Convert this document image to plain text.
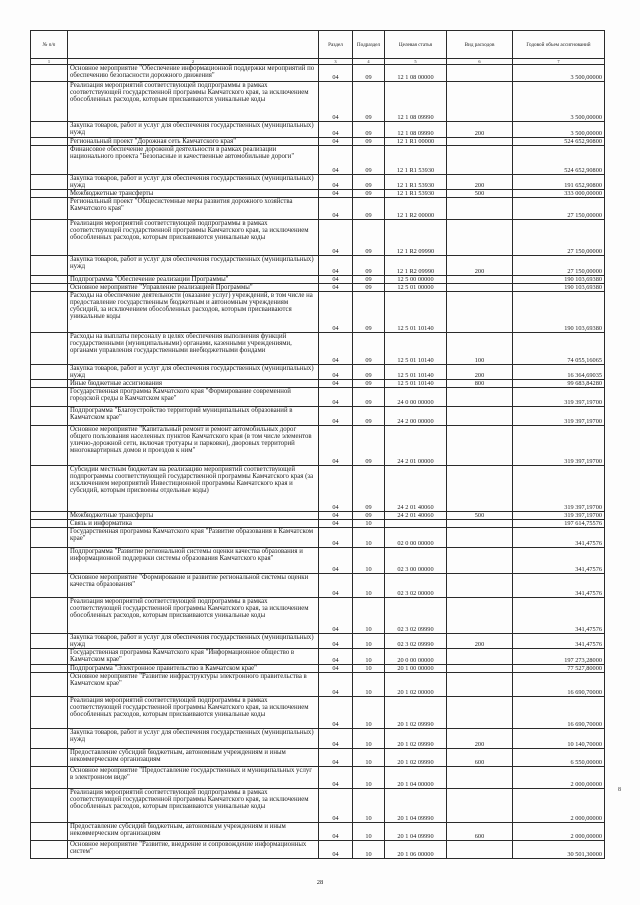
№ п/п		Раздел	Подраздел	Целевая статья	Вид расходов	Годовой объем ассигнований
1	2	3	4	5	6	7
	Основное мероприятие "Обеспечение информационной поддержки мероприятий по обеспечению безопасности дорожного движения"	04	09	12 1 08 00000		3 500,00000
	Реализация мероприятий соответствующей подпрограммы в рамках соответствующей государственной программы Камчатского края, за исключением обособленных расходов, которым присваиваются уникальные коды	04	09	12 1 08 09990		3 500,00000
	Закупка товаров, работ и услуг для обеспечения государственных (муниципальных) нужд	04	09	12 1 08 09990	200	3 500,00000
	Региональный проект "Дорожная сеть Камчатского края"	04	09	12 1 R1 00000		524 652,90800
	Финансовое обеспечение дорожной деятельности в рамках реализации национального проекта "Безопасные и качественные автомобильные дороги"	04	09	12 1 R1 53930		524 652,90800
	Закупка товаров, работ и услуг для обеспечения государственных (муниципальных) нужд	04	09	12 1 R1 53930	200	191 652,90800
	Межбюджетные трансферты	04	09	12 1 R1 53930	500	333 000,00000
	Региональный проект "Общесистемные меры развития дорожного хозяйства Камчатского края"	04	09	12 1 R2 00000		27 150,00000
	Реализация мероприятий соответствующей подпрограммы в рамках соответствующей государственной программы Камчатского края, за исключением обособленных расходов, которым присваиваются уникальные коды	04	09	12 1 R2 09990		27 150,00000
	Закупка товаров, работ и услуг для обеспечения государственных (муниципальных) нужд	04	09	12 1 R2 09990	200	27 150,00000
	Подпрограмма "Обеспечение реализации Программы"	04	09	12 5 00 00000		190 103,69380
	Основное мероприятие "Управление реализацией Программы"	04	09	12 5 01 00000		190 103,69380
	Расходы на обеспечение деятельности (оказание услуг) учреждений, в том числе на предоставление государственным бюджетным и автономным учреждениям субсидий, за исключением обособленных расходов, которым присваиваются уникальные коды	04	09	12 5 01 10140		190 103,69380
	Расходы на выплаты персоналу в целях обеспечения выполнения функций государственными (муниципальными) органами, казенными учреждениями, органами управления государственными внебюджетными фондами	04	09	12 5 01 10140	100	74 055,16065
	Закупка товаров, работ и услуг для обеспечения государственных (муниципальных) нужд	04	09	12 5 01 10140	200	16 364,69035
	Иные бюджетные ассигнования	04	09	12 5 01 10140	800	99 683,84280
	Государственная программа Камчатского края "Формирование современной городской среды в Камчатском крае"	04	09	24 0 00 00000		319 397,19700
	Подпрограмма "Благоустройство территорий муниципальных образований в Камчатском крае"	04	09	24 2 00 00000		319 397,19700
	Основное мероприятие "Капитальный ремонт и ремонт автомобильных дорог общего пользования населенных пунктов Камчатского края (в том числе элементов улично-дорожной сети, включая тротуары и парковки), дворовых территорий многоквартирных домов и проездов к ним"	04	09	24 2 01 00000		319 397,19700
	Субсидии местным бюджетам на реализацию мероприятий соответствующей подпрограммы соответствующей государственной программы Камчатского края (за исключением мероприятий Инвестиционной программы Камчатского края и субсидий, которым присвоены отдельные коды)	04	09	24 2 01 40060		319 397,19700
	Межбюджетные трансферты	04	09	24 2 01 40060	500	319 397,19700
	Связь и информатика	04	10			197 614,75576
	Государственная программа Камчатского края "Развитие образования в Камчатском крае"	04	10	02 0 00 00000		341,47576
	Подпрограмма "Развитие региональной системы оценки качества образования и информационной поддержки системы образования Камчатского края"	04	10	02 3 00 00000		341,47576
	Основное мероприятие "Формирование и развитие региональной системы оценки качества образования"	04	10	02 3 02 00000		341,47576
	Реализация мероприятий соответствующей подпрограммы в рамках соответствующей государственной программы Камчатского края, за исключением обособленных расходов, которым присваиваются уникальные коды	04	10	02 3 02 09990		341,47576
	Закупка товаров, работ и услуг для обеспечения государственных (муниципальных) нужд	04	10	02 3 02 09990	200	341,47576
	Государственная программа Камчатского края "Информационное общество в Камчатском крае"	04	10	20 0 00 00000		197 273,28000
	Подпрограмма "Электронное правительство в Камчатском крае"	04	10	20 1 00 00000		77 527,80000
	Основное мероприятие "Развитие инфраструктуры электронного правительства в Камчатском крае"	04	10	20 1 02 00000		16 690,70000
	Реализация мероприятий соответствующей подпрограммы в рамках соответствующей государственной программы Камчатского края, за исключением обособленных расходов, которым присваиваются уникальные коды	04	10	20 1 02 09990		16 690,70000
	Закупка товаров, работ и услуг для обеспечения государственных (муниципальных) нужд	04	10	20 1 02 09990	200	10 140,70000
	Предоставление субсидий бюджетным, автономным учреждениям и иным некоммерческим организациям	04	10	20 1 02 09990	600	6 550,00000
	Основное мероприятие "Предоставление государственных и муниципальных услуг в электронном виде"	04	10	20 1 04 00000		2 000,00000
	Реализация мероприятий соответствующей подпрограммы в рамках соответствующей государственной программы Камчатского края, за исключением обособленных расходов, которым присваиваются уникальные коды	04	10	20 1 04 09990		2 000,00000
	Предоставление субсидий бюджетным, автономным учреждениям и иным некоммерческим организациям	04	10	20 1 04 09990	600	2 000,00000
	Основное мероприятие "Развитие, внедрение и сопровождение информационных систем"	04	10	20 1 06 00000		30 501,30000
8
28
